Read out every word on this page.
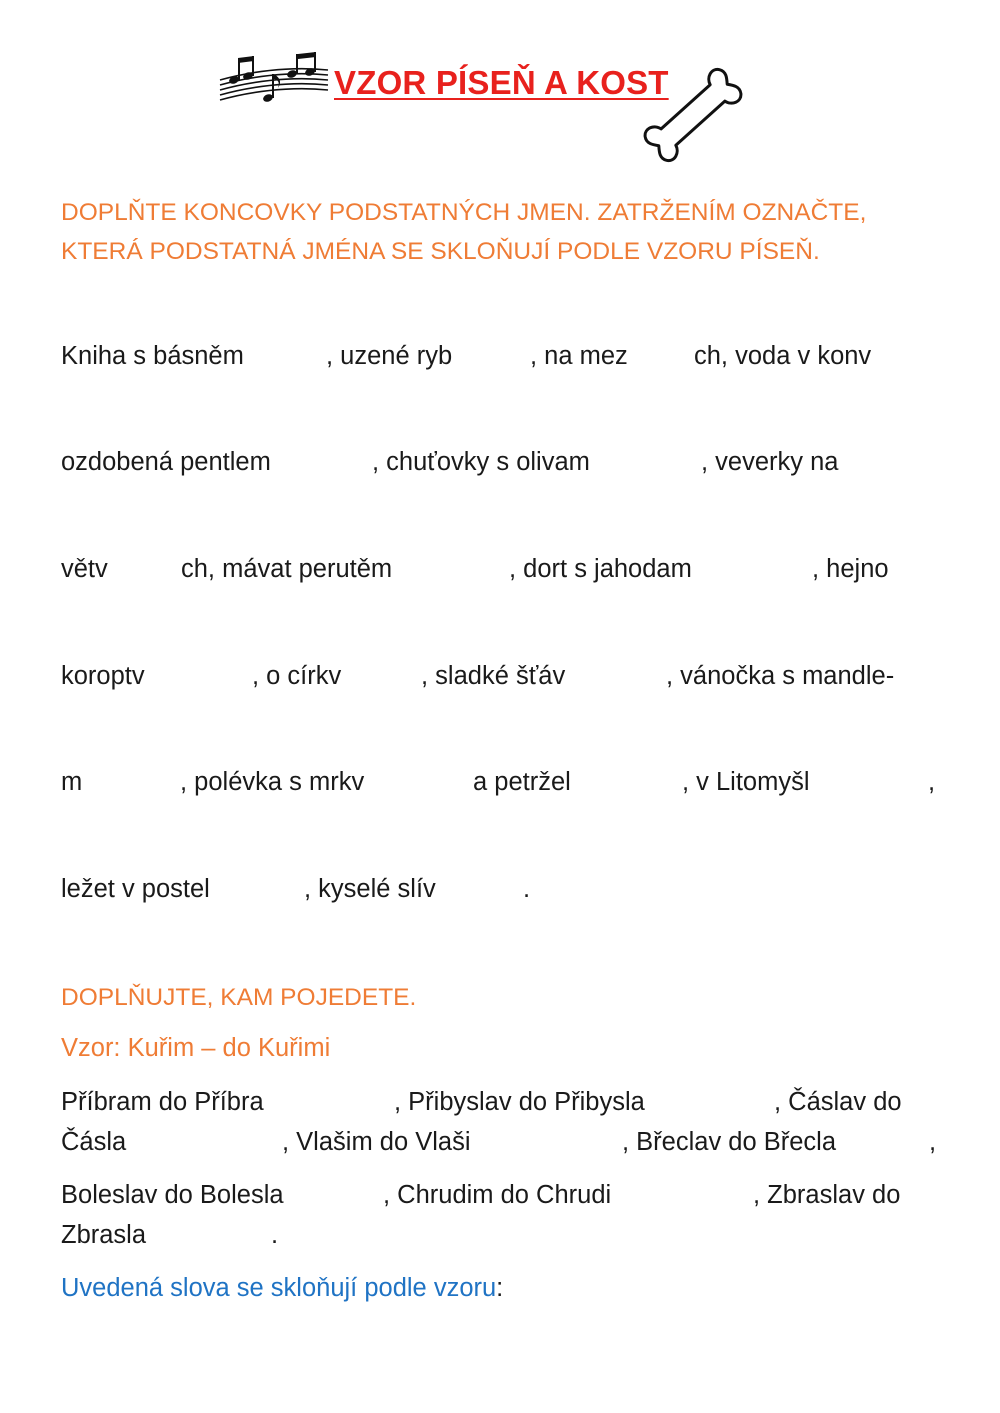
VZOR PÍSEŇ A KOST
DOPLŇTE KONCOVKY PODSTATNÝCH JMEN. ZATRŽENÍM OZNAČTE,
KTERÁ PODSTATNÁ JMÉNA SE SKLOŇUJÍ PODLE VZORU PÍSEŇ.
Kniha s básněm	, uzené ryb	, na mez	ch, voda v konv
ozdobená pentlem	, chuťovky s olivam	, veverky na
větv	ch, mávat perutěm	, dort s jahodam	, hejno
koroptv	, o církv	, sladké šťáv	, vánočka s mandle-
m	, polévka s mrkv	a petržel	, v Litomyšl	,
ležet v postel	, kyselé slív	.
DOPLŇUJTE, KAM POJEDETE.
Vzor: Kuřim – do Kuřimi
Příbram do Příbra	, Přibyslav do Přibysla	, Čáslav do
Čásla	, Vlašim do Vlaši	, Břeclav do Břecla	,
Boleslav do Bolesla	, Chrudim do Chrudi	, Zbraslav do
Zbrasla	.
Uvedená slova se skloňují podle vzoru:
